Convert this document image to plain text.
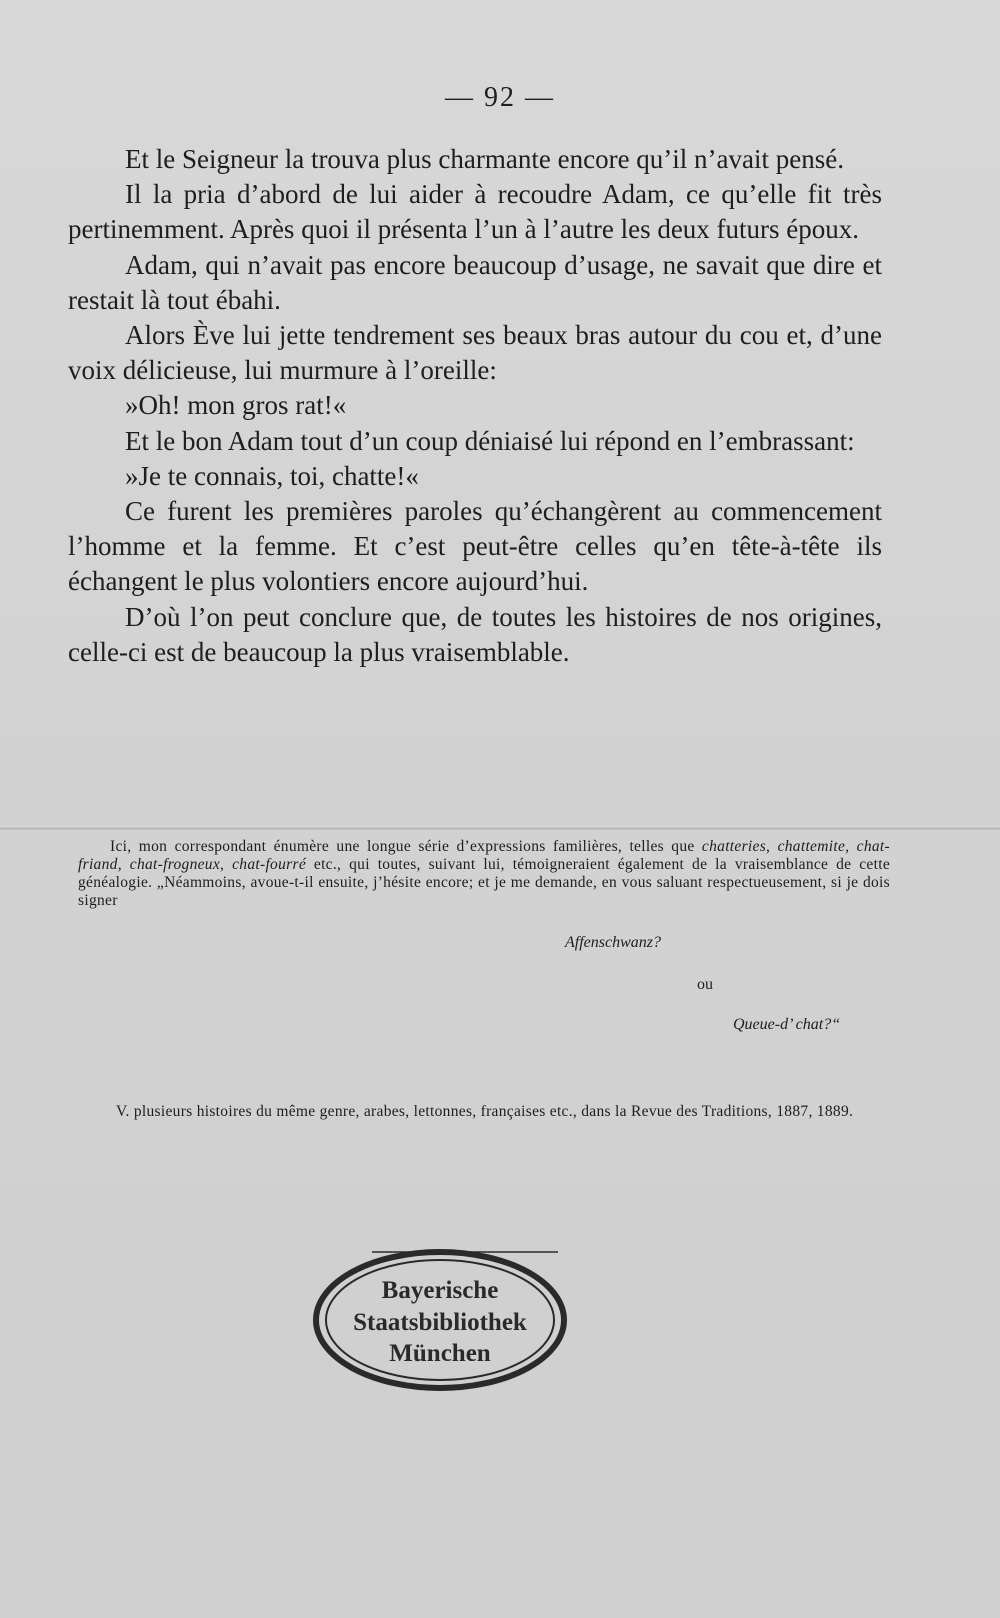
— 92 —

Et le Seigneur la trouva plus charmante encore qu’il n’avait pensé.

Il la pria d’abord de lui aider à recoudre Adam, ce qu’elle fit très pertinemment. Après quoi il présenta l’un à l’autre les deux futurs époux.

Adam, qui n’avait pas encore beaucoup d’usage, ne savait que dire et restait là tout ébahi.

Alors Ève lui jette tendrement ses beaux bras autour du cou et, d’une voix délicieuse, lui murmure à l’oreille:

»Oh! mon gros rat!«

Et le bon Adam tout d’un coup déniaisé lui répond en l’embrassant:

»Je te connais, toi, chatte!«

Ce furent les premières paroles qu’échangèrent au commencement l’homme et la femme. Et c’est peut-être celles qu’en tête-à-tête ils échangent le plus volontiers encore aujourd’hui.

D’où l’on peut conclure que, de toutes les histoires de nos origines, celle-ci est de beaucoup la plus vraisemblable.

Ici, mon correspondant énumère une longue série d’expressions familières, telles que chatteries, chattemite, chat-friand, chat-frogneux, chat-fourré etc., qui toutes, suivant lui, témoigneraient également de la vraisemblance de cette généalogie. „Néammoins, avoue-t-il ensuite, j’hésite encore; et je me demande, en vous saluant respectueusement, si je dois signer
Affenschwanz?
ou
Queue-d’ chat?“
V. plusieurs histoires du même genre, arabes, lettonnes, françaises etc., dans la Revue des Traditions, 1887, 1889.
Bayerische
Staatsbibliothek
München
